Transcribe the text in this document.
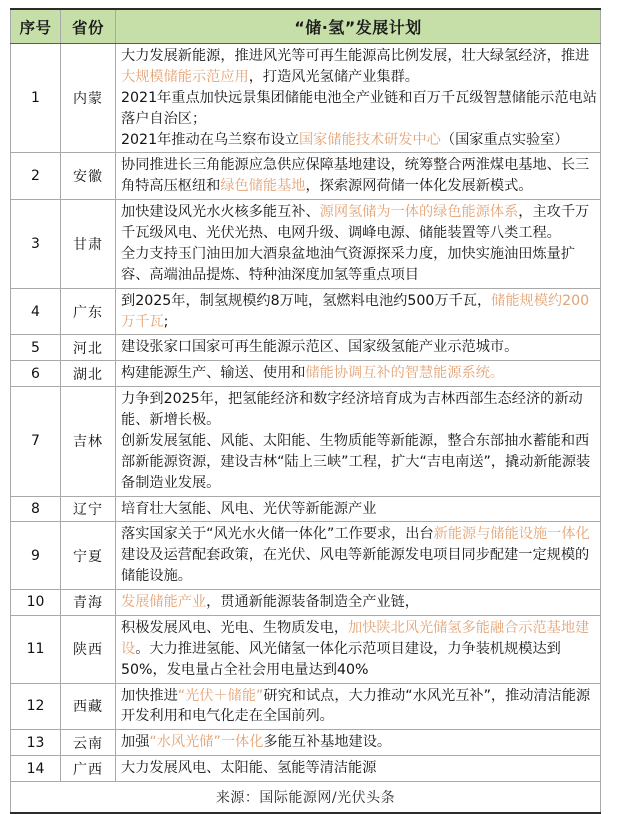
序号	省份	“储·氢”发展计划
1	内蒙	大力发展新能源，推进风光等可再生能源高比例发展，壮大绿氢经济，推进大规模储能示范应用，打造风光氢储产业集群。

2021年重点加快远景集团储能电池全产业链和百万千瓦级智慧储能示范电站落户自治区；

2021年推动在乌兰察布设立国家储能技术研发中心（国家重点实验室）

2	安徽	协同推进长三角能源应急供应保障基地建设，统筹整合两淮煤电基地、长三角特高压枢纽和绿色储能基地，探索源网荷储一体化发展新模式。

3	甘肃	加快建设风光水火核多能互补、源网氢储为一体的绿色能源体系，主攻千万千瓦级风电、光伏光热、电网升级、调峰电源、储能装置等八类工程。

全力支持玉门油田加大酒泉盆地油气资源探采力度，加快实施油田炼量扩容、高端油品提炼、特种油深度加氢等重点项目

4	广东	到2025年，制氢规模约8万吨，氢燃料电池约500万千瓦，储能规模约200万千瓦;

5	河北	建设张家口国家可再生能源示范区、国家级氢能产业示范城市。

6	湖北	构建能源生产、输送、使用和储能协调互补的智慧能源系统。

7	吉林	力争到2025年，把氢能经济和数字经济培育成为吉林西部生态经济的新动能、新增长极。

创新发展氢能、风能、太阳能、生物质能等新能源，整合东部抽水蓄能和西部新能源资源，建设吉林“陆上三峡”工程，扩大“吉电南送”，撬动新能源装备制造业发展。

8	辽宁	培育壮大氢能、风电、光伏等新能源产业

9	宁夏	落实国家关于“风光水火储一体化”工作要求，出台新能源与储能设施一体化建设及运营配套政策，在光伏、风电等新能源发电项目同步配建一定规模的储能设施。

10	青海	发展储能产业，贯通新能源装备制造全产业链，

11	陕西	积极发展风电、光电、生物质发电，加快陕北风光储氢多能融合示范基地建设。大力推进氢能、风光储氢一体化示范项目建设，力争装机规模达到50%，发电量占全社会用电量达到40%

12	西藏	加快推进“光伏＋储能”研究和试点，大力推动“水风光互补”，推动清洁能源开发利用和电气化走在全国前列。

13	云南	加强“水风光储”一体化多能互补基地建设。

14	广西	大力发展风电、太阳能、氢能等清洁能源

来源：国际能源网/光伏头条		
